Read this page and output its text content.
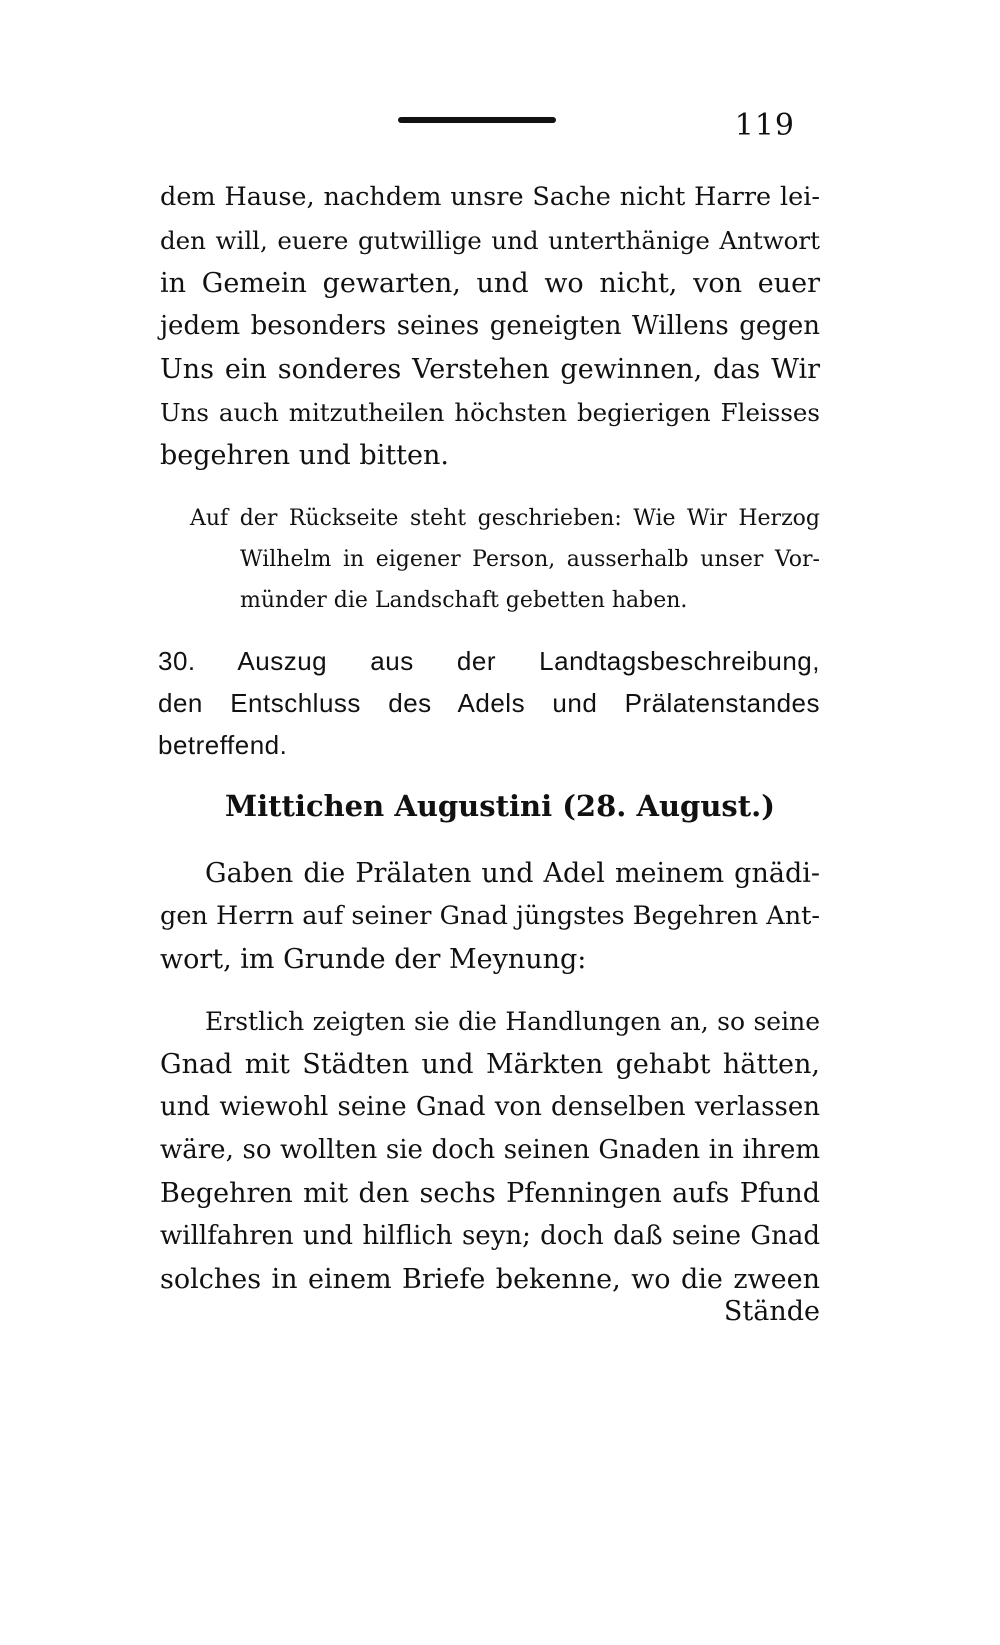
119
dem Hause, nachdem unsre Sache nicht Harre lei-
den will, euere gutwillige und unterthänige Antwort
in Gemein gewarten, und wo nicht, von euer
jedem besonders seines geneigten Willens gegen
Uns ein sonderes Verstehen gewinnen, das Wir
Uns auch mitzutheilen höchsten begierigen Fleisses
begehren und bitten.
Auf der Rückseite steht geschrieben: Wie Wir Herzog
Wilhelm in eigener Person, ausserhalb unser Vor-
münder die Landschaft gebetten haben.
30. Auszug aus der Landtagsbeschreibung,
den Entschluss des Adels und Prälatenstandes
betreffend.
Mittichen Augustini (28. August.)
Gaben die Prälaten und Adel meinem gnädi-
gen Herrn auf seiner Gnad jüngstes Begehren Ant-
wort, im Grunde der Meynung:
Erstlich zeigten sie die Handlungen an, so seine
Gnad mit Städten und Märkten gehabt hätten,
und wiewohl seine Gnad von denselben verlassen
wäre, so wollten sie doch seinen Gnaden in ihrem
Begehren mit den sechs Pfenningen aufs Pfund
willfahren und hilflich seyn; doch daß seine Gnad
solches in einem Briefe bekenne, wo die zween
Stände
